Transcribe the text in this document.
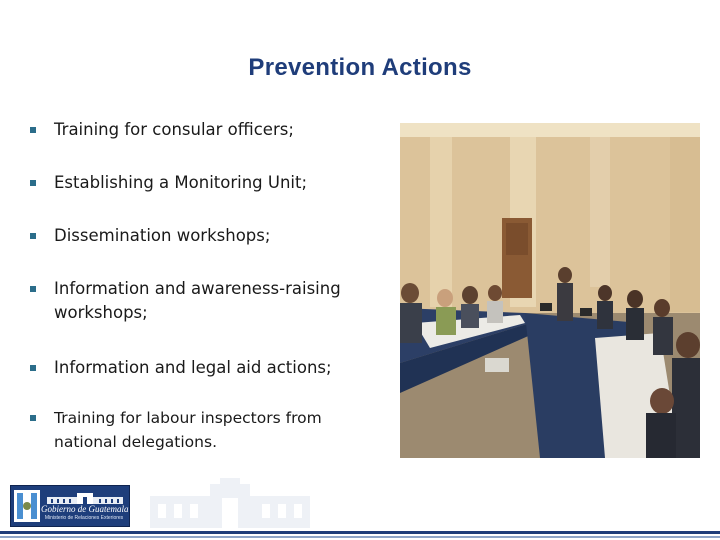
Prevention Actions
Training for consular officers;
Establishing a Monitoring Unit;
Dissemination workshops;
Information and awareness-raising
workshops;
Information and legal aid actions;
Training for labour inspectors from
national delegations.
Gobierno de Guatemala
Ministerio de Relaciones Exteriores
